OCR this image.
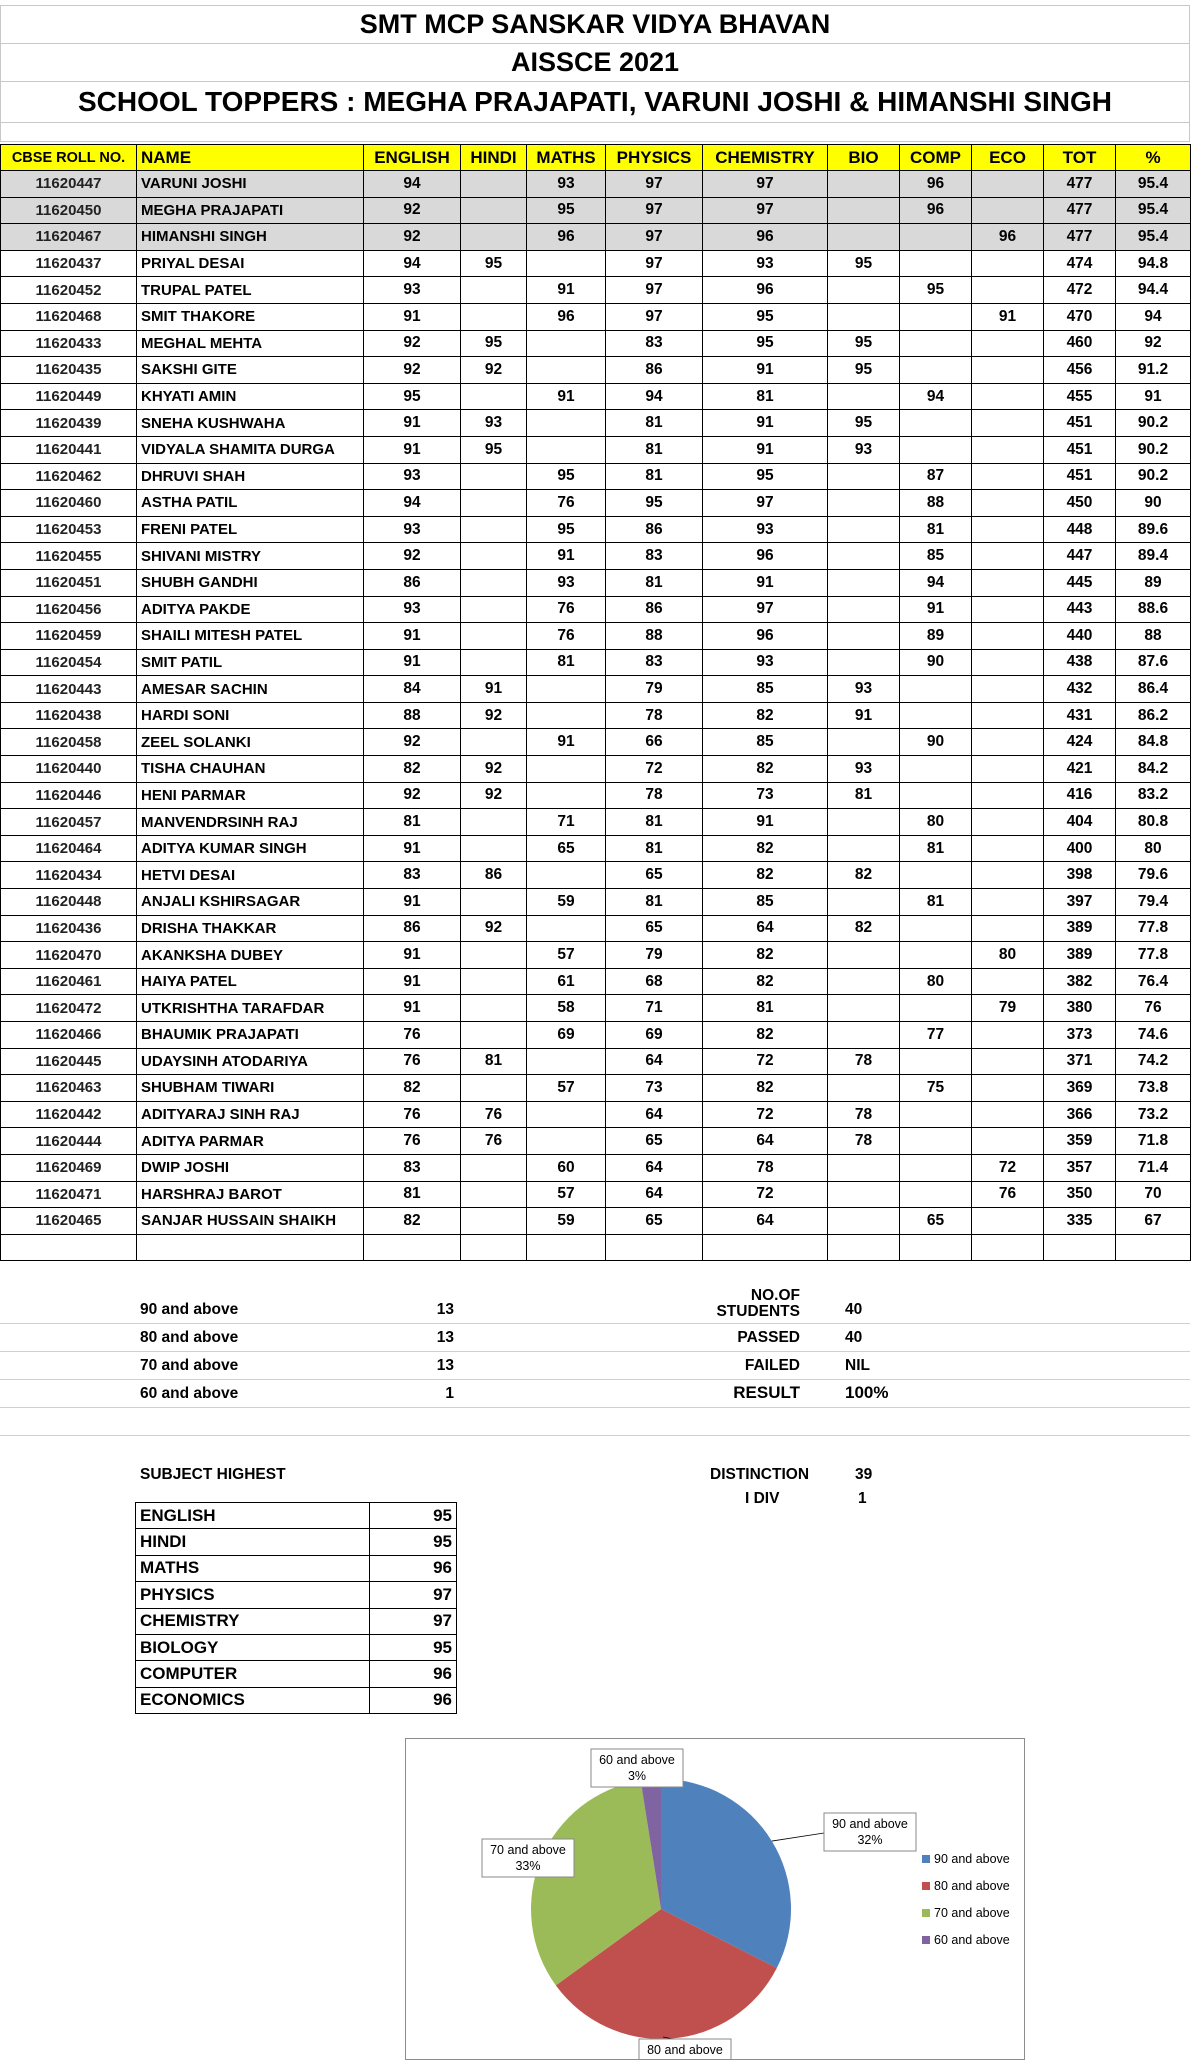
SMT MCP SANSKAR VIDYA BHAVAN
AISSCE 2021
SCHOOL TOPPERS : MEGHA PRAJAPATI, VARUNI JOSHI & HIMANSHI SINGH
CBSE ROLL NO.	NAME	ENGLISH	HINDI	MATHS	PHYSICS	CHEMISTRY	BIO	COMP	ECO	TOT	%
11620447	VARUNI JOSHI	94		93	97	97		96		477	95.4
11620450	MEGHA PRAJAPATI	92		95	97	97		96		477	95.4
11620467	HIMANSHI SINGH	92		96	97	96			96	477	95.4
11620437	PRIYAL DESAI	94	95		97	93	95			474	94.8
11620452	TRUPAL PATEL	93		91	97	96		95		472	94.4
11620468	SMIT THAKORE	91		96	97	95			91	470	94
11620433	MEGHAL MEHTA	92	95		83	95	95			460	92
11620435	SAKSHI GITE	92	92		86	91	95			456	91.2
11620449	KHYATI AMIN	95		91	94	81		94		455	91
11620439	SNEHA KUSHWAHA	91	93		81	91	95			451	90.2
11620441	VIDYALA SHAMITA DURGA	91	95		81	91	93			451	90.2
11620462	DHRUVI SHAH	93		95	81	95		87		451	90.2
11620460	ASTHA PATIL	94		76	95	97		88		450	90
11620453	FRENI PATEL	93		95	86	93		81		448	89.6
11620455	SHIVANI MISTRY	92		91	83	96		85		447	89.4
11620451	SHUBH GANDHI	86		93	81	91		94		445	89
11620456	ADITYA PAKDE	93		76	86	97		91		443	88.6
11620459	SHAILI MITESH PATEL	91		76	88	96		89		440	88
11620454	SMIT PATIL	91		81	83	93		90		438	87.6
11620443	AMESAR SACHIN	84	91		79	85	93			432	86.4
11620438	HARDI SONI	88	92		78	82	91			431	86.2
11620458	ZEEL SOLANKI	92		91	66	85		90		424	84.8
11620440	TISHA CHAUHAN	82	92		72	82	93			421	84.2
11620446	HENI PARMAR	92	92		78	73	81			416	83.2
11620457	MANVENDRSINH RAJ	81		71	81	91		80		404	80.8
11620464	ADITYA KUMAR SINGH	91		65	81	82		81		400	80
11620434	HETVI DESAI	83	86		65	82	82			398	79.6
11620448	ANJALI KSHIRSAGAR	91		59	81	85		81		397	79.4
11620436	DRISHA THAKKAR	86	92		65	64	82			389	77.8
11620470	AKANKSHA DUBEY	91		57	79	82			80	389	77.8
11620461	HAIYA PATEL	91		61	68	82		80		382	76.4
11620472	UTKRISHTHA TARAFDAR	91		58	71	81			79	380	76
11620466	BHAUMIK PRAJAPATI	76		69	69	82		77		373	74.6
11620445	UDAYSINH ATODARIYA	76	81		64	72	78			371	74.2
11620463	SHUBHAM TIWARI	82		57	73	82		75		369	73.8
11620442	ADITYARAJ SINH RAJ	76	76		64	72	78			366	73.2
11620444	ADITYA PARMAR	76	76		65	64	78			359	71.8
11620469	DWIP JOSHI	83		60	64	78			72	357	71.4
11620471	HARSHRAJ BAROT	81		57	64	72			76	350	70
11620465	SANJAR HUSSAIN SHAIKH	82		59	65	64		65		335	67

90 and above	13
NO.OF
STUDENTS	40
80 and above	13	PASSED	40
70 and above	13	FAILED	NIL
60 and above	1	RESULT	100%
SUBJECT HIGHEST	DISTINCTION	39
I DIV	1
ENGLISH	95
HINDI	95
MATHS	96
PHYSICS	97
CHEMISTRY	97
BIOLOGY	95
COMPUTER	96
ECONOMICS	96
90 and above
32%
80 and above
70 and above
33%
60 and above
3%
90 and above
80 and above
70 and above
60 and above
